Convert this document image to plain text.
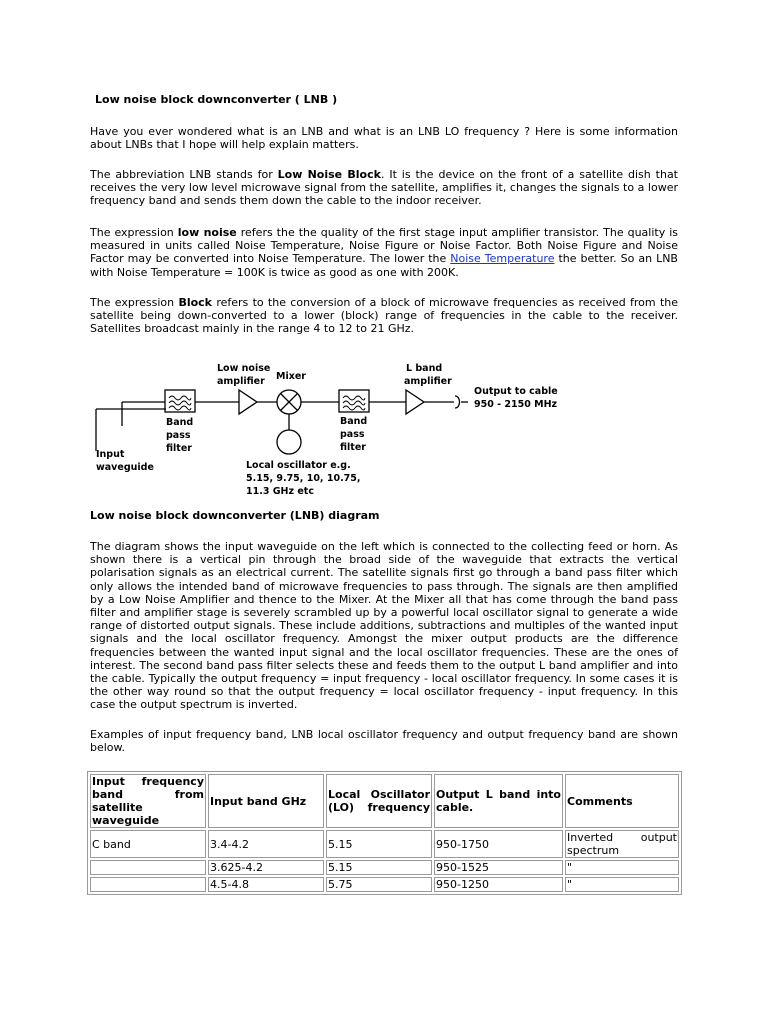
Low noise block downconverter ( LNB )

Have you ever wondered what is an LNB and what is an LNB LO frequency ? Here is some information about LNBs that I hope will help explain matters.

The abbreviation LNB stands for Low Noise Block. It is the device on the front of a satellite dish that receives the very low level microwave signal from the satellite, amplifies it, changes the signals to a lower frequency band and sends them down the cable to the indoor receiver.

The expression low noise refers the the quality of the first stage input amplifier transistor. The quality is measured in units called Noise Temperature, Noise Figure or Noise Factor. Both Noise Figure and Noise Factor may be converted into Noise Temperature. The lower the Noise Temperature the better. So an LNB with Noise Temperature = 100K is twice as good as one with 200K.

The expression Block refers to the conversion of a block of microwave frequencies as received from the satellite being down-converted to a lower (block) range of frequencies in the cable to the receiver. Satellites broadcast mainly in the range 4 to 12 to 21 GHz.

Low noise
amplifier Mixer
L band
amplifier
Output to cable
950 - 2150 MHz
Band
pass
filter
Band
pass
filter
Input
waveguide	Local oscillator e.g.
5.15, 9.75, 10, 10.75,
11.3 GHz etc
Low noise block downconverter (LNB) diagram

The diagram shows the input waveguide on the left which is connected to the collecting feed or horn. As shown there is a vertical pin through the broad side of the waveguide that extracts the vertical polarisation signals as an electrical current. The satellite signals first go through a band pass filter which only allows the intended band of microwave frequencies to pass through. The signals are then amplified by a Low Noise Amplifier and thence to the Mixer. At the Mixer all that has come through the band pass filter and amplifier stage is severely scrambled up by a powerful local oscillator signal to generate a wide range of distorted output signals. These include additions, subtractions and multiples of the wanted input signals and the local oscillator frequency. Amongst the mixer output products are the difference frequencies between the wanted input signal and the local oscillator frequencies. These are the ones of interest. The second band pass filter selects these and feeds them to the output L band amplifier and into the cable. Typically the output frequency = input frequency - local oscillator frequency. In some cases it is the other way round so that the output frequency = local oscillator frequency - input frequency. In this case the output spectrum is inverted.

Examples of input frequency band, LNB local oscillator frequency and output frequency band are shown below.

Input frequency band from satellite waveguide	Input band GHz	Local Oscillator (LO) frequency	Output L band into cable.	Comments
C band	3.4-4.2	5.15	950-1750	Inverted output spectrum
	3.625-4.2	5.15	950-1525	"
	4.5-4.8	5.75	950-1250	"
